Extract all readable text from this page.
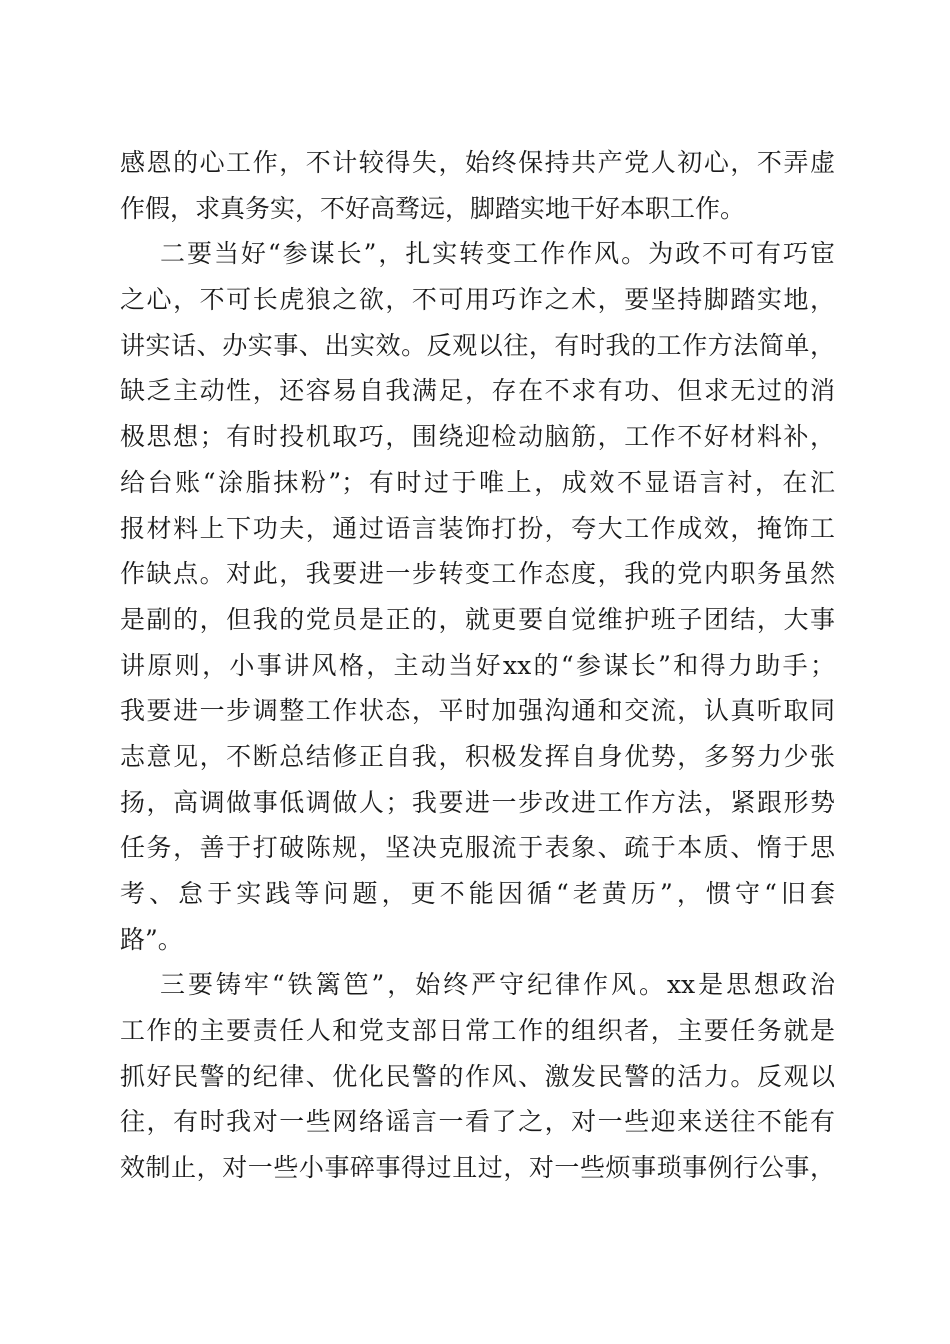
感恩的心工作，不计较得失，始终保持共产党人初心，不弄虚
作假，求真务实，不好高骛远，脚踏实地干好本职工作。
二要当好“参谋长”，扎实转变工作作风。为政不可有巧宦
之心，不可长虎狼之欲，不可用巧诈之术，要坚持脚踏实地，
讲实话、办实事、出实效。反观以往，有时我的工作方法简单，
缺乏主动性，还容易自我满足，存在不求有功、但求无过的消
极思想；有时投机取巧，围绕迎检动脑筋，工作不好材料补，
给台账“涂脂抹粉”；有时过于唯上，成效不显语言衬，在汇
报材料上下功夫，通过语言装饰打扮，夸大工作成效，掩饰工
作缺点。对此，我要进一步转变工作态度，我的党内职务虽然
是副的，但我的党员是正的，就更要自觉维护班子团结，大事
讲原则，小事讲风格，主动当好xx的“参谋长”和得力助手；
我要进一步调整工作状态，平时加强沟通和交流，认真听取同
志意见，不断总结修正自我，积极发挥自身优势，多努力少张
扬，高调做事低调做人；我要进一步改进工作方法，紧跟形势
任务，善于打破陈规，坚决克服流于表象、疏于本质、惰于思
考、怠于实践等问题，更不能因循“老黄历”，惯守“旧套
路”。
三要铸牢“铁篱笆”，始终严守纪律作风。xx是思想政治
工作的主要责任人和党支部日常工作的组织者，主要任务就是
抓好民警的纪律、优化民警的作风、激发民警的活力。反观以
往，有时我对一些网络谣言一看了之，对一些迎来送往不能有
效制止，对一些小事碎事得过且过，对一些烦事琐事例行公事，
